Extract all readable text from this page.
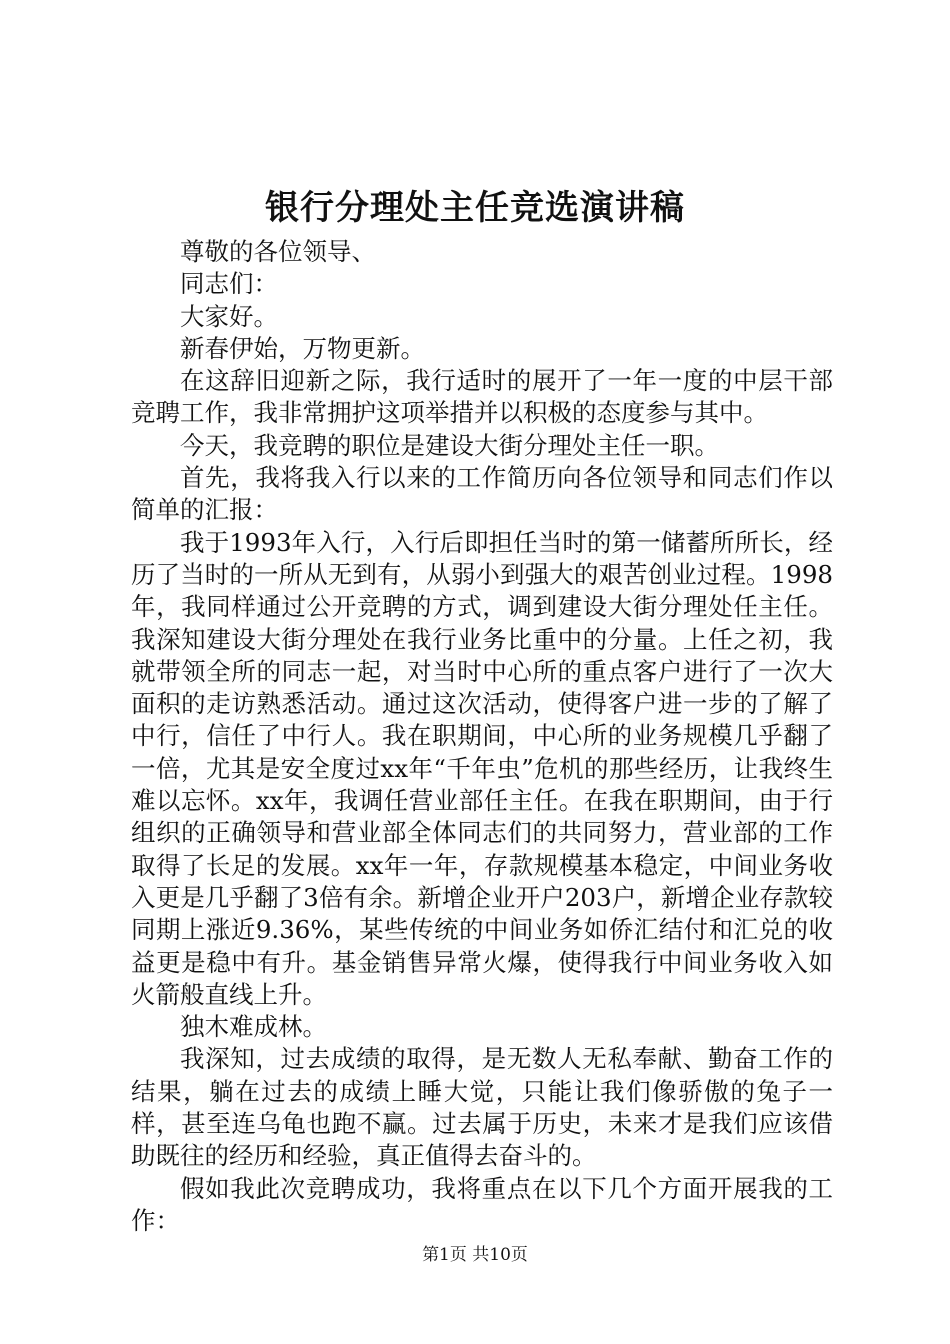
银行分理处主任竞选演讲稿

尊敬的各位领导、

同志们：

大家好。

新春伊始，万物更新。

在这辞旧迎新之际，我行适时的展开了一年一度的中层干部竞聘工作，我非常拥护这项举措并以积极的态度参与其中。

今天，我竞聘的职位是建设大街分理处主任一职。

首先，我将我入行以来的工作简历向各位领导和同志们作以简单的汇报：

我于1993年入行，入行后即担任当时的第一储蓄所所长，经历了当时的一所从无到有，从弱小到强大的艰苦创业过程。1998年，我同样通过公开竞聘的方式，调到建设大街分理处任主任。我深知建设大街分理处在我行业务比重中的分量。上任之初，我就带领全所的同志一起，对当时中心所的重点客户进行了一次大面积的走访熟悉活动。通过这次活动，使得客户进一步的了解了中行，信任了中行人。我在职期间，中心所的业务规模几乎翻了一倍，尤其是安全度过xx年“千年虫”危机的那些经历，让我终生难以忘怀。xx年，我调任营业部任主任。在我在职期间，由于行组织的正确领导和营业部全体同志们的共同努力，营业部的工作取得了长足的发展。xx年一年，存款规模基本稳定，中间业务收入更是几乎翻了3倍有余。新增企业开户203户，新增企业存款较同期上涨近9.36%，某些传统的中间业务如侨汇结付和汇兑的收益更是稳中有升。基金销售异常火爆，使得我行中间业务收入如火箭般直线上升。

独木难成林。

我深知，过去成绩的取得，是无数人无私奉献、勤奋工作的结果，躺在过去的成绩上睡大觉，只能让我们像骄傲的兔子一样，甚至连乌龟也跑不赢。过去属于历史，未来才是我们应该借助既往的经历和经验，真正值得去奋斗的。

假如我此次竞聘成功，我将重点在以下几个方面开展我的工作：

第1页 共10页
